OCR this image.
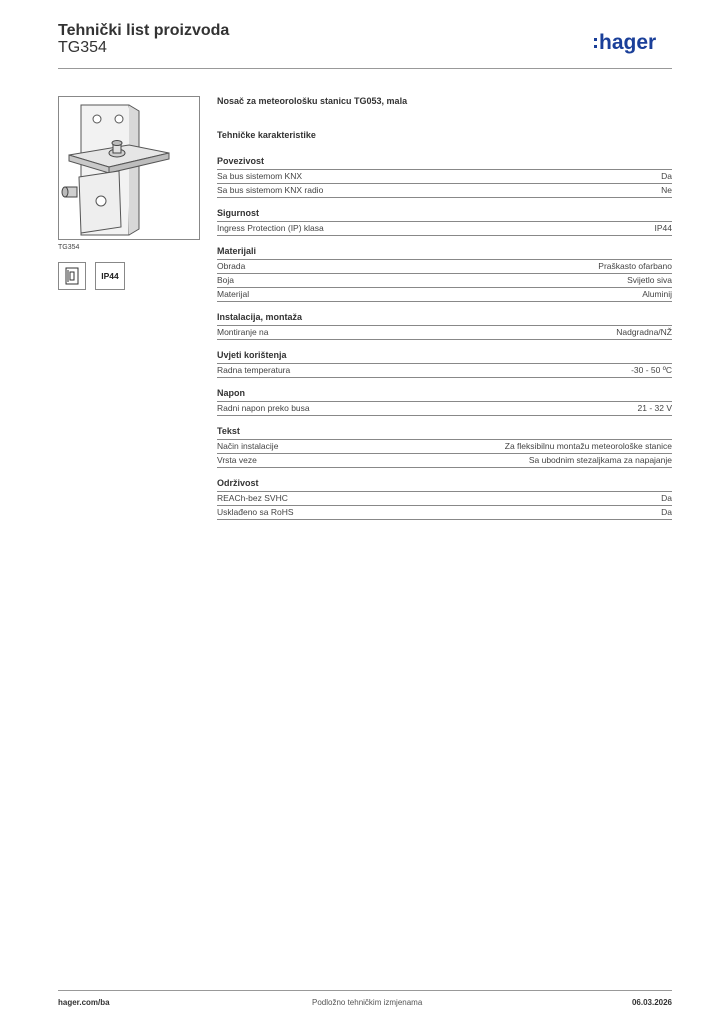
Tehnički list proizvoda
TG354	hager
TG354
IP44
Nosač za meteorološku stanicu TG053, mala
Tehničke karakteristike
Povezivost
Sa bus sistemom KNX	Da
Sa bus sistemom KNX radio	Ne
Sigurnost
Ingress Protection (IP) klasa	IP44
Materijali
Obrada	Praškasto ofarbano
Boja	Svijetlo siva
Materijal	Aluminij
Instalacija, montaža
Montiranje na	Nadgradna/NŽ
Uvjeti korištenja
Radna temperatura	-30 - 50 ºC
Napon
Radni napon preko busa	21 - 32 V
Tekst
Način instalacije	Za fleksibilnu montažu meteorološke stanice
Vrsta veze	Sa ubodnim stezaljkama za napajanje
Održivost
REACh-bez SVHC	Da
Usklađeno sa RoHS	Da
hager.com/ba	Podložno tehničkim izmjenama	06.03.2026
